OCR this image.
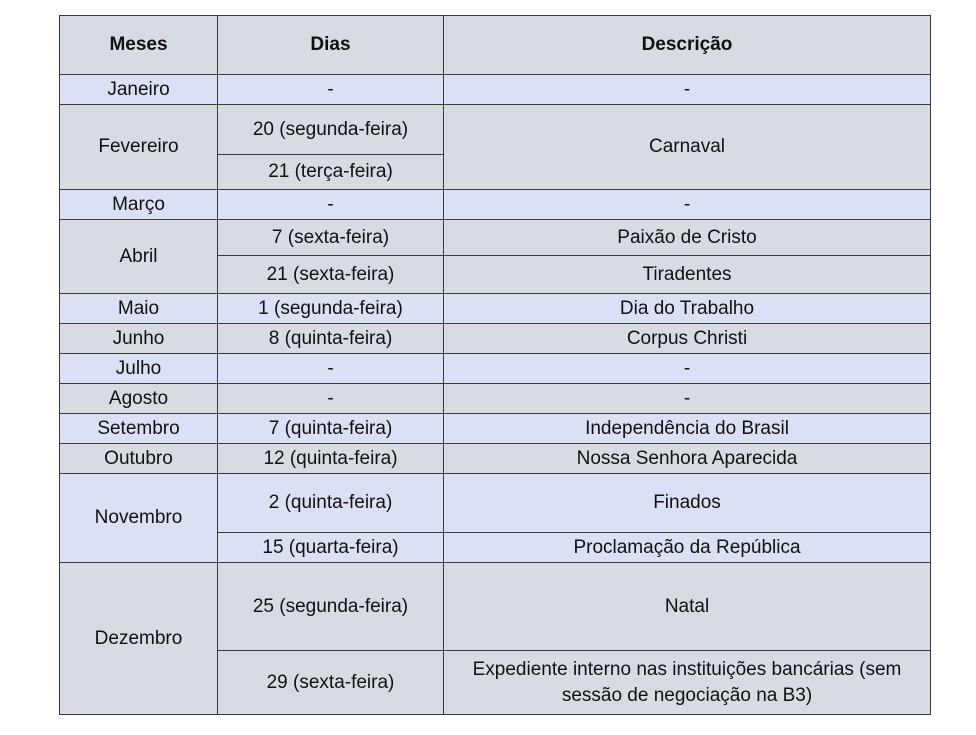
Meses	Dias	Descrição
Janeiro	-	-
Fevereiro	20 (segunda-feira)	Carnaval
	21 (terça-feira)	
Março	-	-
Abril	7 (sexta-feira)	Paixão de Cristo
	21 (sexta-feira)	Tiradentes
Maio	1 (segunda-feira)	Dia do Trabalho
Junho	8 (quinta-feira)	Corpus Christi
Julho	-	-
Agosto	-	-
Setembro	7 (quinta-feira)	Independência do Brasil
Outubro	12 (quinta-feira)	Nossa Senhora Aparecida
Novembro	2 (quinta-feira)	Finados
	15 (quarta-feira)	Proclamação da República
Dezembro	25 (segunda-feira)	Natal
	29 (sexta-feira)	Expediente interno nas instituições bancárias (sem sessão de negociação na B3)
